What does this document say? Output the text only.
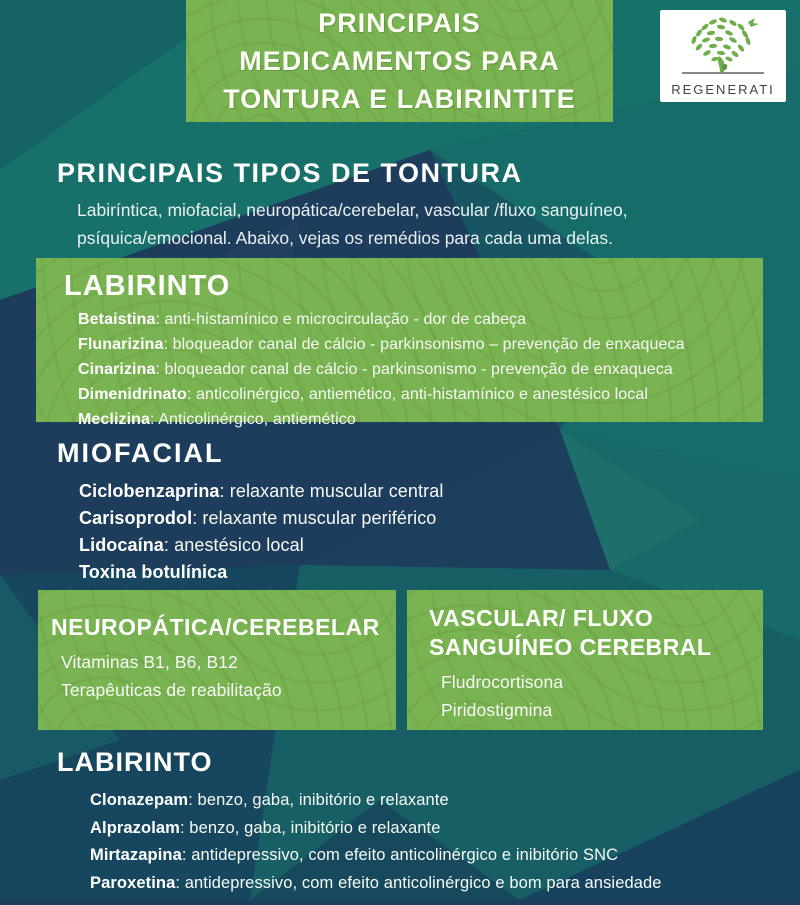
PRINCIPAIS
MEDICAMENTOS PARA
TONTURA E LABIRINTITE	REGENERATI
PRINCIPAIS TIPOS DE TONTURA
Labiríntica, miofacial, neuropática/cerebelar, vascular /fluxo sanguíneo,
psíquica/emocional. Abaixo, vejas os remédios para cada uma delas.
LABIRINTO
Betaistina: anti-histamínico e microcirculação - dor de cabeça
Flunarizina: bloqueador canal de cálcio - parkinsonismo – prevenção de enxaqueca
Cinarizina: bloqueador canal de cálcio - parkinsonismo - prevenção de enxaqueca
Dimenidrinato: anticolinérgico, antiemético, anti-histamínico e anestésico local
Meclizina: Anticolinérgico, antiemético
MIOFACIAL
Ciclobenzaprina: relaxante muscular central
Carisoprodol: relaxante muscular periférico
Lidocaína: anestésico local
Toxina botulínica
NEUROPÁTICA/CEREBELAR
Vitaminas B1, B6, B12
Terapêuticas de reabilitação
VASCULAR/ FLUXO
SANGUÍNEO CEREBRAL
Fludrocortisona
Piridostigmina
LABIRINTO
Clonazepam: benzo, gaba, inibitório e relaxante
Alprazolam: benzo, gaba, inibitório e relaxante
Mirtazapina: antidepressivo, com efeito anticolinérgico e inibitório SNC
Paroxetina: antidepressivo, com efeito anticolinérgico e bom para ansiedade
